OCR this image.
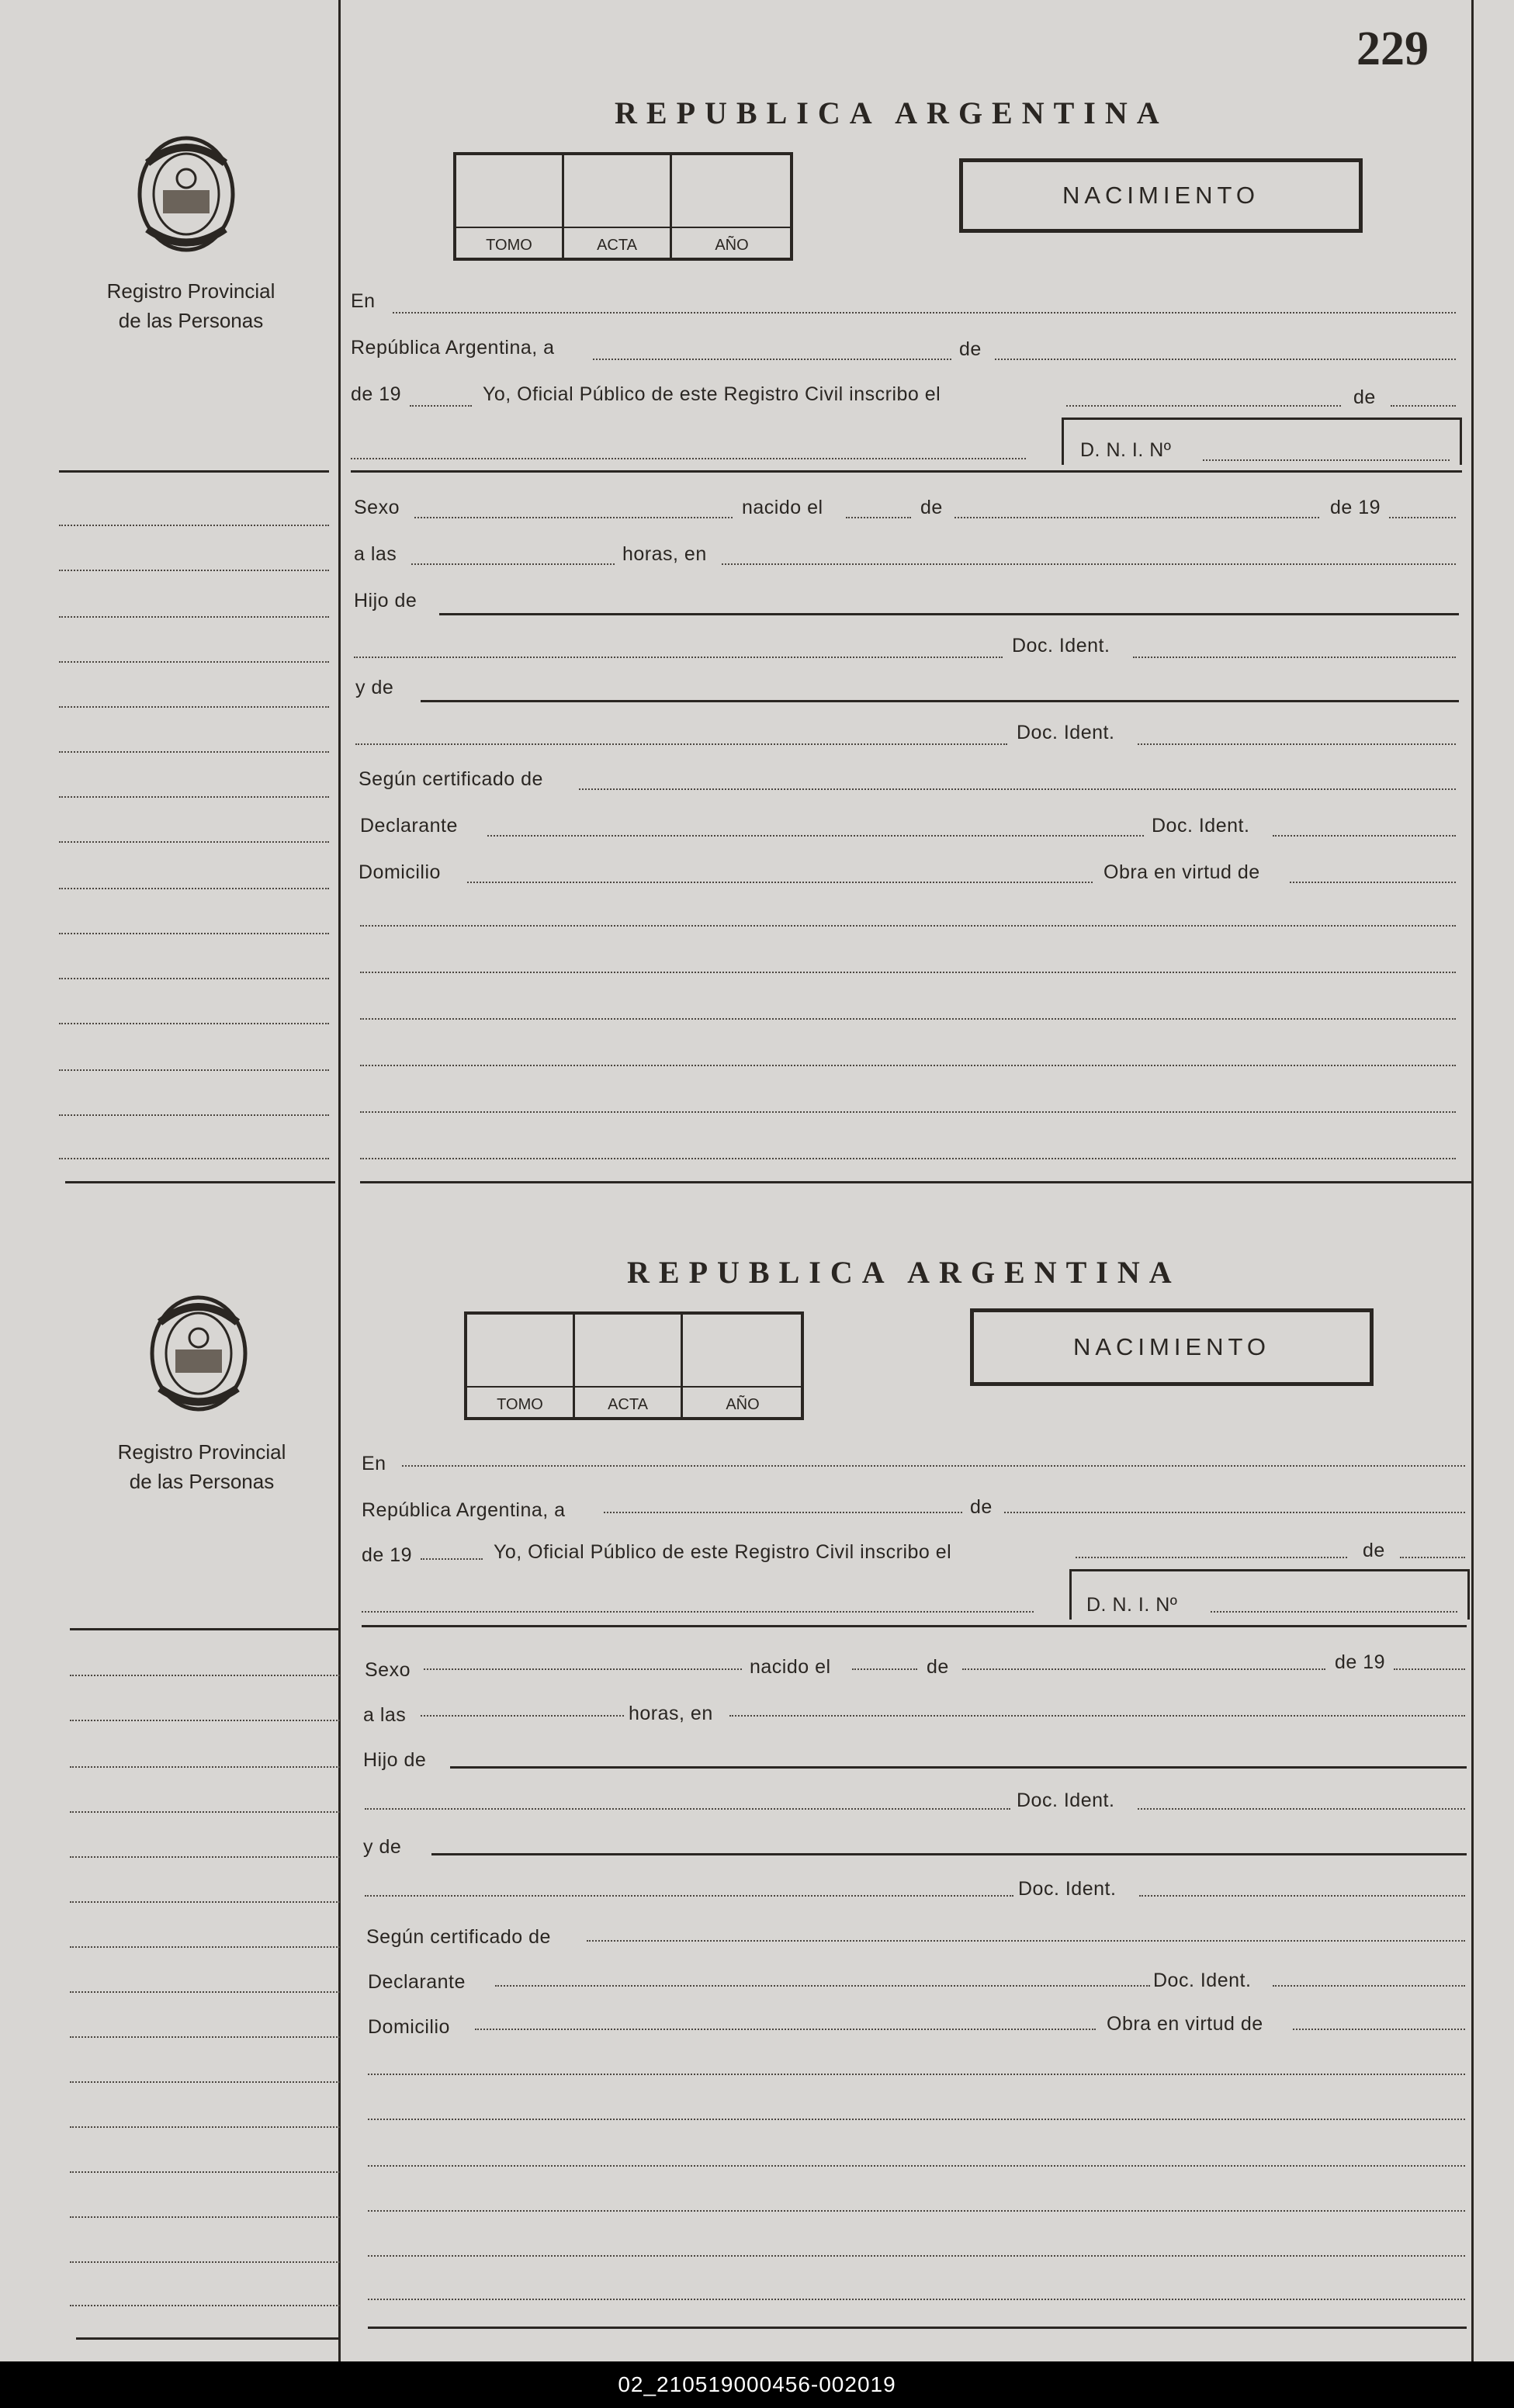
229
REPUBLICA ARGENTINA
Registro Provincial
de las Personas
TOMO	ACTA	AÑO
NACIMIENTO
En
República Argentina, a	de
de 19	Yo, Oficial Público de este Registro Civil inscribo el	de
D. N. I. Nº
Sexo	nacido el	de	de 19
a las	horas, en
Hijo de
Doc. Ident.
y de
Doc. Ident.
Según certificado de
Declarante	Doc. Ident.
Domicilio	Obra en virtud de
REPUBLICA ARGENTINA
Registro Provincial
de las Personas
TOMO	ACTA	AÑO
NACIMIENTO
En
República Argentina, a	de
de 19	Yo, Oficial Público de este Registro Civil inscribo el	de
D. N. I. Nº
Sexo	nacido el	de	de 19
a las	horas, en
Hijo de
Doc. Ident.
y de
Doc. Ident.
Según certificado de
Declarante	Doc. Ident.
Domicilio	Obra en virtud de
02_210519000456-002019
